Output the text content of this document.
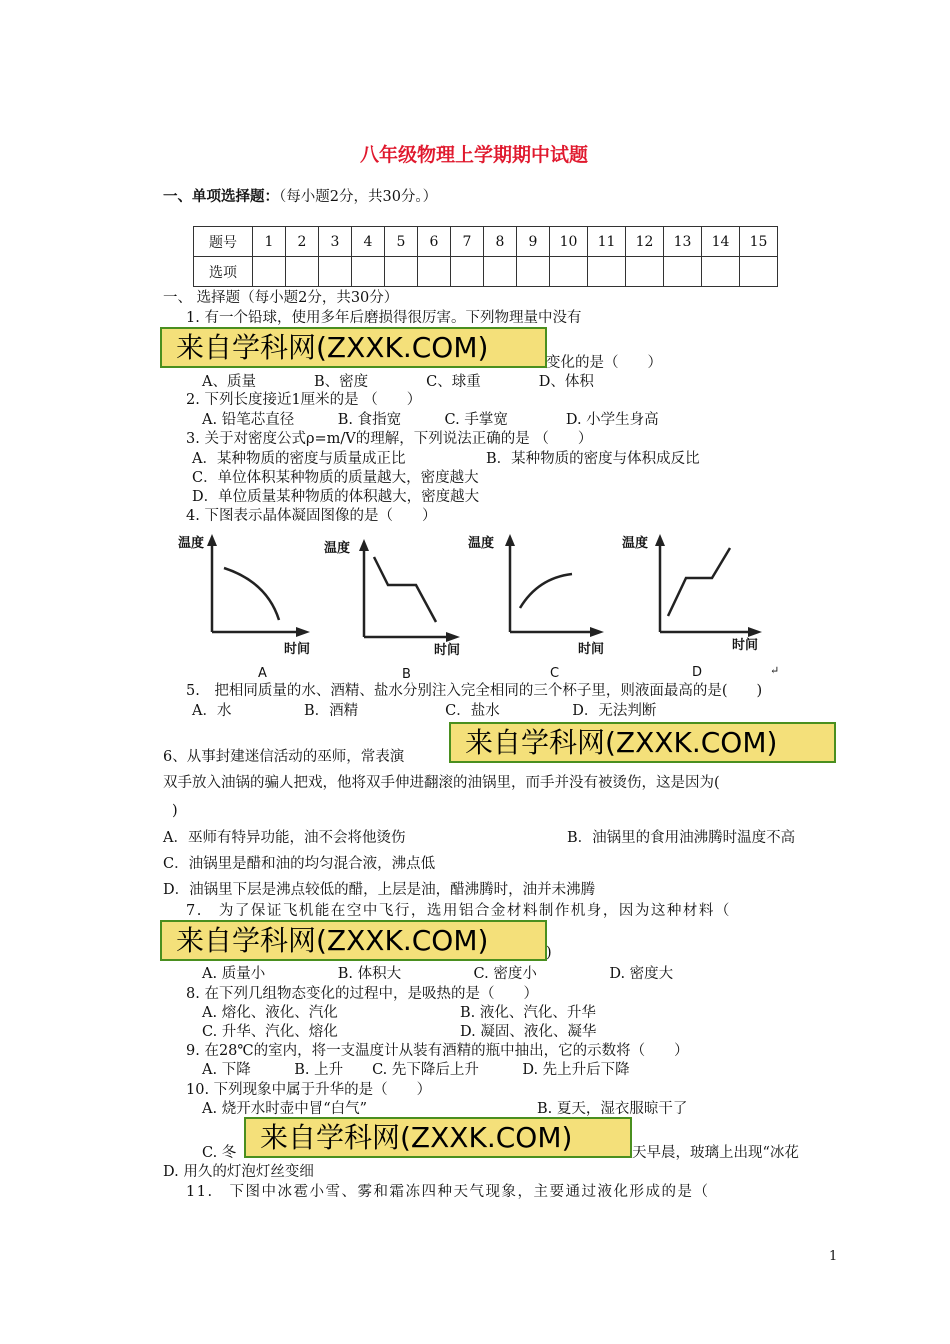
八年级物理上学期期中试题
一、单项选择题：（每小题2分，共30分。）
题号	1	2	3	4	5	6	7	8	9	10	11	12	13	14	15
选项															
一、 选择题（每小题2分，共30分）
1. 有一个铅球，使用多年后磨损得很厉害。下列物理量中没有
来自学科网(ZXXK.COM)	变化的是（　　）
A、质量　　　　B、密度　　　　C、球重　　　　D、体积
2. 下列长度接近1厘米的是 （　　）
A. 铅笔芯直径　　　B. 食指宽　　　C. 手掌宽　　　　D. 小学生身高
3. 关于对密度公式ρ=m/V的理解，下列说法正确的是 （　　）
A．某种物质的密度与质量成正比	B．某种物质的密度与体积成反比
C．单位体积某种物质的质量越大，密度越大
D．单位质量某种物质的体积越大，密度越大
4. 下图表示晶体凝固图像的是（　　）
温度
时间
A
温度
时间
B
温度
时间
C
温度
时间
D	↵
5.　把相同质量的水、酒精、盐水分别注入完全相同的三个杯子里，则液面最高的是(　　)
A．水　　　　　B．酒精　　　　　　C．盐水　　　　　D．无法判断
6、从事封建迷信活动的巫师，常表演	来自学科网(ZXXK.COM)
双手放入油锅的骗人把戏，他将双手伸进翻滚的油锅里，而手并没有被烫伤，这是因为(
)
A．巫师有特异功能，油不会将他烫伤	B．油锅里的食用油沸腾时温度不高
C．油锅里是醋和油的均匀混合液，沸点低
D．油锅里下层是沸点较低的醋，上层是油，醋沸腾时，油并未沸腾
7.　为了保证飞机能在空中飞行，选用铝合金材料制作机身，因为这种材料（
来自学科网(ZXXK.COM)	)
A. 质量小　　　　　B. 体积大　　　　　C. 密度小　　　　　D. 密度大
8. 在下列几组物态变化的过程中，是吸热的是（　　）
A. 熔化、液化、汽化	B. 液化、汽化、升华
C. 升华、汽化、熔化	D. 凝固、液化、凝华
9. 在28℃的室内，将一支温度计从装有酒精的瓶中抽出，它的示数将（　　）
A. 下降　　　B. 上升　　C. 先下降后上升　　　D. 先上升后下降
10. 下列现象中属于升华的是（　　）
A. 烧开水时壶中冒“白气”	B. 夏天，湿衣服晾干了
C. 冬 来自学科网(ZXXK.COM)	天早晨，玻璃上出现“冰花
D. 用久的灯泡灯丝变细
11.　下图中冰雹小雪、雾和霜冻四种天气现象，主要通过液化形成的是（
1
